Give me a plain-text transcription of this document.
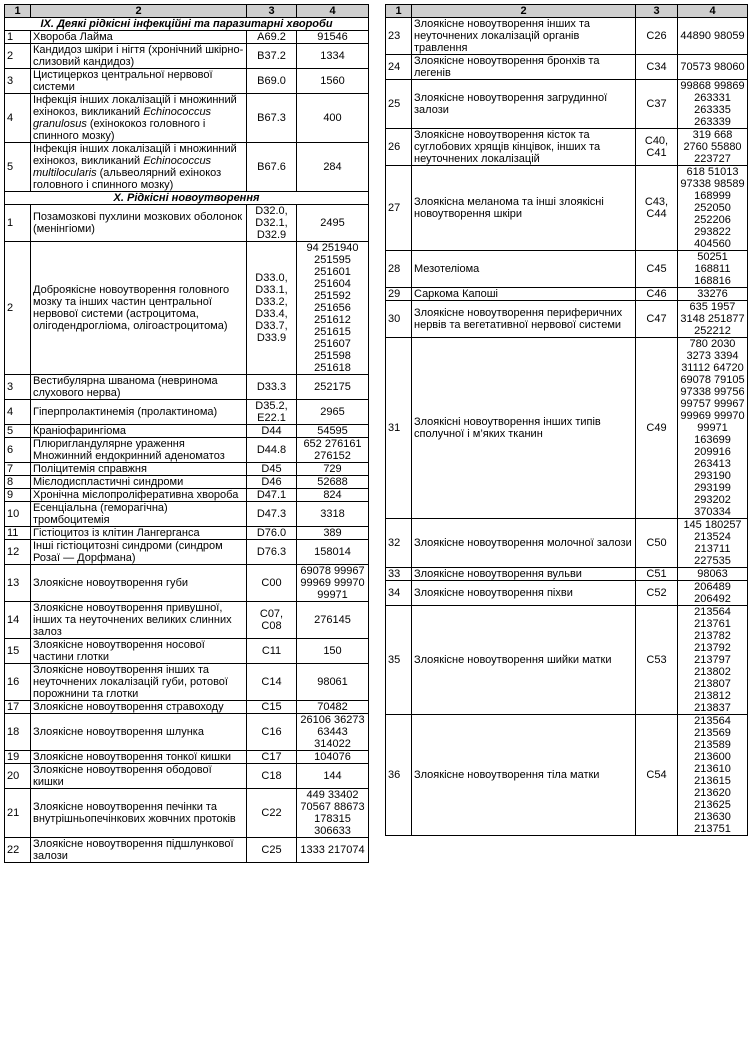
1	2	3	4
IX. Деякі рідкісні інфекційні та паразитарні хвороби			
1	Хвороба Лайма	A69.2	91546
2	Кандидоз шкіри і нігтя (хронічний шкірно-слизовий кандидоз)	B37.2	1334
3	Цистицеркоз центральної нервової системи	B69.0	1560
4	Інфекція інших локалізацій і множинний ехінокоз, викликаний Echinococcus granulosus (ехінококоз головного і спинного мозку)	B67.3	400
5	Інфекція інших локалізацій і множинний ехінокоз, викликаний Echinococcus multilocularis (альвеолярний ехінокоз головного і спинного мозку)	B67.6	284
X. Рідкісні новоутворення			
1	Позамозкові пухлини мозкових оболонок (менінгіоми)	D32.0, D32.1, D32.9	2495
2	Доброякісне новоутворення головного мозку та інших частин центральної нервової системи (астроцитома, олігодендрогліома, олігоастроцитома)	D33.0, D33.1, D33.2, D33.4, D33.7, D33.9	94 251940 251595 251601 251604 251592 251656 251612 251615 251607 251598 251618
3	Вестибулярна шванома (невринома слухового нерва)	D33.3	252175
4	Гіперпролактинемія (пролактинома)	D35.2, E22.1	2965
5	Краніофарингіома	D44	54595
6	Плюригландулярне ураження Множинний ендокринний аденоматоз	D44.8	652 276161 276152
7	Поліцитемія справжня	D45	729
8	Мієлодиспластичні синдроми	D46	52688
9	Хронічна мієлопроліферативна хвороба	D47.1	824
10	Есенціальна (геморагічна) тромбоцитемія	D47.3	3318
11	Гістіоцитоз із клітин Лангерганса	D76.0	389
12	Інші гістіоцитозні синдроми (синдром Розаї — Дорфмана)	D76.3	158014
13	Злоякісне новоутворення губи	C00	69078 99967 99969 99970 99971
14	Злоякісне новоутворення привушної, інших та неуточнених великих слинних залоз	C07, C08	276145
15	Злоякісне новоутворення носової частини глотки	C11	150
16	Злоякісне новоутворення інших та неуточнених локалізацій губи, ротової порожнини та глотки	C14	98061
17	Злоякісне новоутворення стравоходу	C15	70482
18	Злоякісне новоутворення шлунка	C16	26106 36273 63443 314022
19	Злоякісне новоутворення тонкої кишки	C17	104076
20	Злоякісне новоутворення ободової кишки	C18	144
21	Злоякісне новоутворення печінки та внутрішньопечінкових жовчних протоків	C22	449 33402 70567 88673 178315 306633
22	Злоякісне новоутворення підшлункової залози	C25	1333 217074
1	2	3	4
23	Злоякісне новоутворення інших та неуточнених локалізацій органів травлення	C26	44890 98059
24	Злоякісне новоутворення бронхів та легенів	C34	70573 98060
25	Злоякісне новоутворення загрудинної залози	C37	99868 99869 263331 263335 263339
26	Злоякісне новоутворення кісток та суглобових хрящів кінцівок, інших та неуточнених локалізацій	C40, C41	319 668 2760 55880 223727
27	Злоякісна меланома та інші злоякісні новоутворення шкіри	C43, C44	618 51013 97338 98589 168999 252050 252206 293822 404560
28	Мезотеліома	C45	50251 168811 168816
29	Саркома Капоші	C46	33276
30	Злоякісне новоутворення периферичних нервів та вегетативної нервової системи	C47	635 1957 3148 251877 252212
31	Злоякісні новоутворення інших типів сполучної і м’яких тканин	C49	780 2030 3273 3394 31112 64720 69078 79105 97338 99756 99757 99967 99969 99970 99971 163699 209916 263413 293190 293199 293202 370334
32	Злоякісне новоутворення молочної залози	C50	145 180257 213524 213711 227535
33	Злоякісне новоутворення вульви	C51	98063
34	Злоякісне новоутворення піхви	C52	206489 206492
35	Злоякісне новоутворення шийки матки	C53	213564 213761 213782 213792 213797 213802 213807 213812 213837
36	Злоякісне новоутворення тіла матки	C54	213564 213569 213589 213600 213610 213615 213620 213625 213630 213751
